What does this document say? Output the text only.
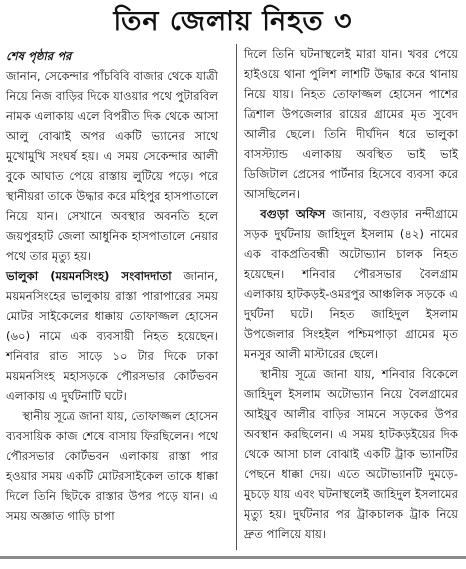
তিন জেলায় নিহত ৩

শেষ পৃষ্ঠার পর

জানান, সেকেন্দার পাঁচবিবি বাজার থেকে যাত্রী নিয়ে নিজ বাড়ির দিকে যাওয়ার পথে পুটারবিল নামক এলাকায় এলে বিপরীত দিক থেকে আসা আলু বোঝাই অপর একটি ভ্যানের সাথে মুখোমুখি সংঘর্ষ হয়। এ সময় সেকেন্দার আলী বুকে আঘাত পেয়ে রাস্তায় লুটিয়ে পড়ে। পরে স্থানীয়রা তাকে উদ্ধার করে মহিপুর হাসপাতালে নিয়ে যান। সেখানে অবস্থার অবনতি হলে জয়পুরহাট জেলা আধুনিক হাসপাতালে নেয়ার পথে তার মৃত্যু হয়।

ভালুকা (ময়মনসিংহ) সংবাদদাতা জানান, ময়মনসিংহের ভালুকায় রাস্তা পারাপারের সময় মোটর সাইকেলের ধাক্কায় তোফাজ্জল হোসেন (৬০) নামে এক ব্যবসায়ী নিহত হয়েছেন। শনিবার রাত সাড়ে ১০ টার দিকে ঢাকা ময়মনসিংহ মহাসড়কে পৌরসভার কোর্টভবন এলাকায় এ দুর্ঘটনাটি ঘটে।

স্থানীয় সূত্রে জানা যায়, তোফাজ্জল হোসেন ব্যবসায়িক কাজ শেষে বাসায় ফিরছিলেন। পথে পৌরসভার কোর্টভবন এলাকায় রাস্তা পার হওয়ার সময় একটি মোটরসাইকেল তাকে ধাক্কা দিলে তিনি ছিটকে রাস্তার উপর পড়ে যান। এ সময় অজ্ঞাত গাড়ি চাপা

দিলে তিনি ঘটনাস্থলেই মারা যান। খবর পেয়ে হাইওয়ে থানা পুলিশ লাশটি উদ্ধার করে থানায় নিয়ে যায়। নিহত তোফাজ্জল হোসেন পাশের ত্রিশাল উপজেলার রায়ের গ্রামের মৃত সুবেদ আলীর ছেলে। তিনি দীর্ঘদিন ধরে ভালুকা বাসস্ট্যান্ড এলাকায় অবস্থিত ভাই ভাই ডিজিটাল প্রেসের পার্টনার হিসেবে ব্যবসা করে আসছিলেন।

বগুড়া অফিস জানায়, বগুড়ার নন্দীগ্রামে সড়ক দুর্ঘটনায় জাহিদুল ইসলাম (৪২) নামের এক বাকপ্রতিবন্ধী অটোভ্যান চালক নিহত হয়েছেন। শনিবার পৌরসভার বৈলগ্রাম এলাকায় হাটকড়ই-ওমরপুর আঞ্চলিক সড়কে এ দুর্ঘটনা ঘটে। নিহত জাহিদুল ইসলাম উপজেলার সিংহইল পশ্চিমপাড়া গ্রামের মৃত মনসুর আলী মাস্টারের ছেলে।

স্থানীয় সূত্রে জানা যায়, শনিবার বিকেলে জাহিদুল ইসলাম অটোভ্যান নিয়ে বৈলগ্রামের আইয়ুব আলীর বাড়ির সামনে সড়কের উপর অবস্থান করছিলেন। এ সময় হাটকড়ইয়ের দিক থেকে আসা চাল বোঝাই একটি ট্রাক ভ্যানটির পেছনে ধাক্কা দেয়। এতে অটোভ্যানটি দুমড়ে-মুচড়ে যায় এবং ঘটনাস্থলেই জাহিদুল ইসলামের মৃত্যু হয়। দুর্ঘটনার পর ট্রাকচালক ট্রাক নিয়ে দ্রুত পালিয়ে যায়।
